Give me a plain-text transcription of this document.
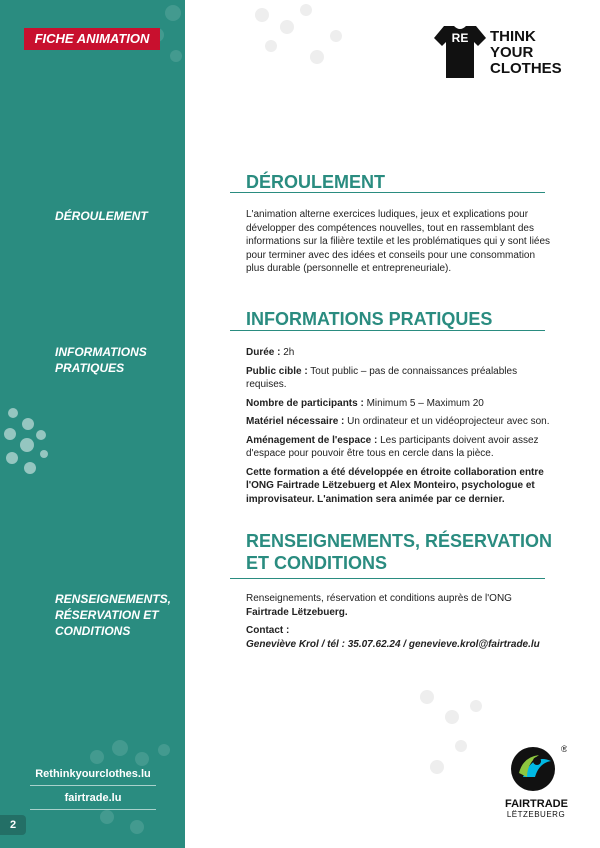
FICHE ANIMATION
DÉROULEMENT
INFORMATIONS
PRATIQUES
RENSEIGNEMENTS,
RÉSERVATION ET
CONDITIONS
Rethinkyourclothes.lu
fairtrade.lu
2
RE THINK
YOUR
CLOTHES
DÉROULEMENT
L'animation alterne exercices ludiques, jeux et explications pour développer des compétences nouvelles, tout en rassemblant des informations sur la filière textile et les problématiques qui y sont liées pour terminer avec des idées et conseils pour une consommation plus durable (personnelle et entrepreneuriale).
INFORMATIONS PRATIQUES

Durée : 2h

Public cible : Tout public – pas de connaissances préalables requises.

Nombre de participants : Minimum 5 – Maximum 20

Matériel nécessaire : Un ordinateur et un vidéoprojecteur avec son.

Aménagement de l'espace : Les participants doivent avoir assez d'espace pour pouvoir être tous en cercle dans la pièce.

Cette formation a été développée en étroite collaboration entre l'ONG Fairtrade Lëtzebuerg et Alex Monteiro, psychologue et improvisateur. L'animation sera animée par ce dernier.

RENSEIGNEMENTS, RÉSERVATION
ET CONDITIONS

Renseignements, réservation et conditions auprès de l'ONG
Fairtrade Lëtzebuerg.

Contact :

Geneviève Krol / tél : 35.07.62.24 / genevieve.krol@fairtrade.lu

®
FAIRTRADE
LËTZEBUERG
